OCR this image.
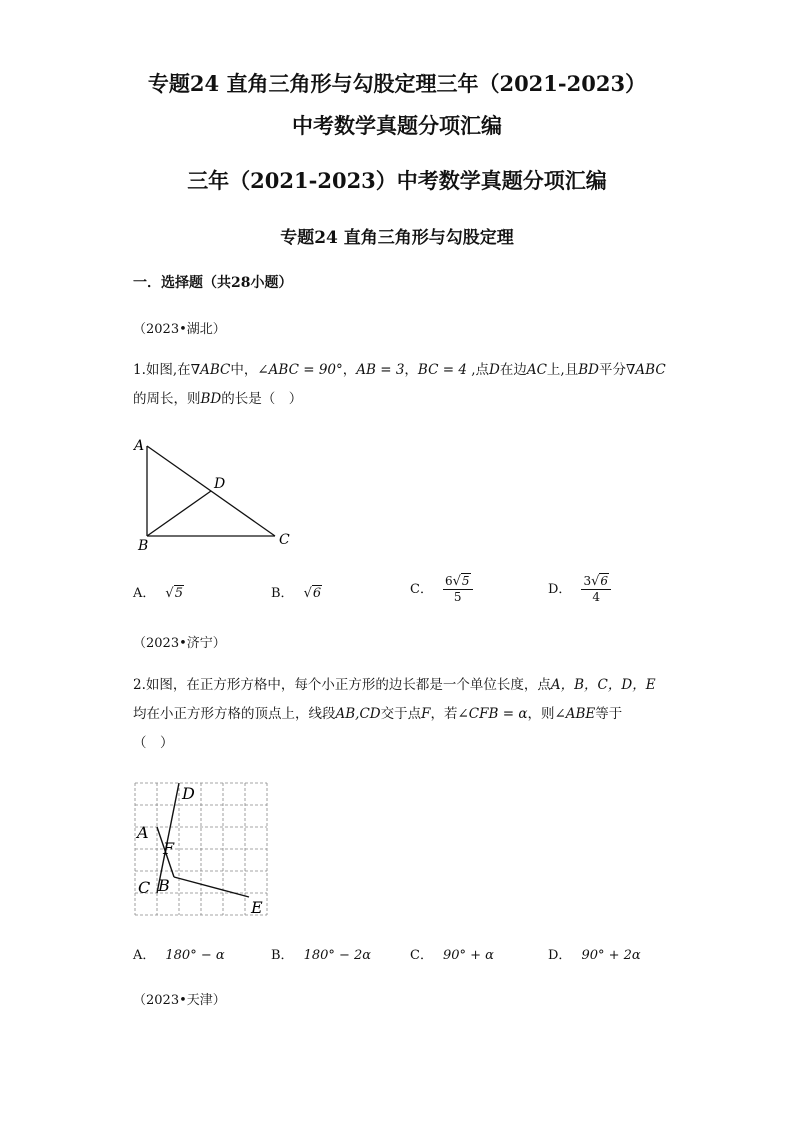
专题24 直角三角形与勾股定理三年（2021-2023）
中考数学真题分项汇编
三年（2021-2023）中考数学真题分项汇编
专题24 直角三角形与勾股定理
一．选择题（共28小题）
（2023•湖北）
1.如图,在∇ABC中，∠ABC = 90°，AB = 3，BC = 4 ,点D在边AC上,且BD平分∇ABC
的周长，则BD的长是（　）
A
B	C
D
A． √5	B． √6	C． $\frac{6√5}{5}$	D． $\frac{3√6}{4}$
（2023•济宁）
2.如图，在正方形方格中，每个小正方形的边长都是一个单位长度，点A，B，C，D，E
均在小正方形方格的顶点上，线段AB,CD交于点F，若∠CFB = α，则∠ABE等于
（　）
D
A
F
C B
E
A． 180° − α	B． 180° − 2α	C． 90° + α	D． 90° + 2α
（2023•天津）
